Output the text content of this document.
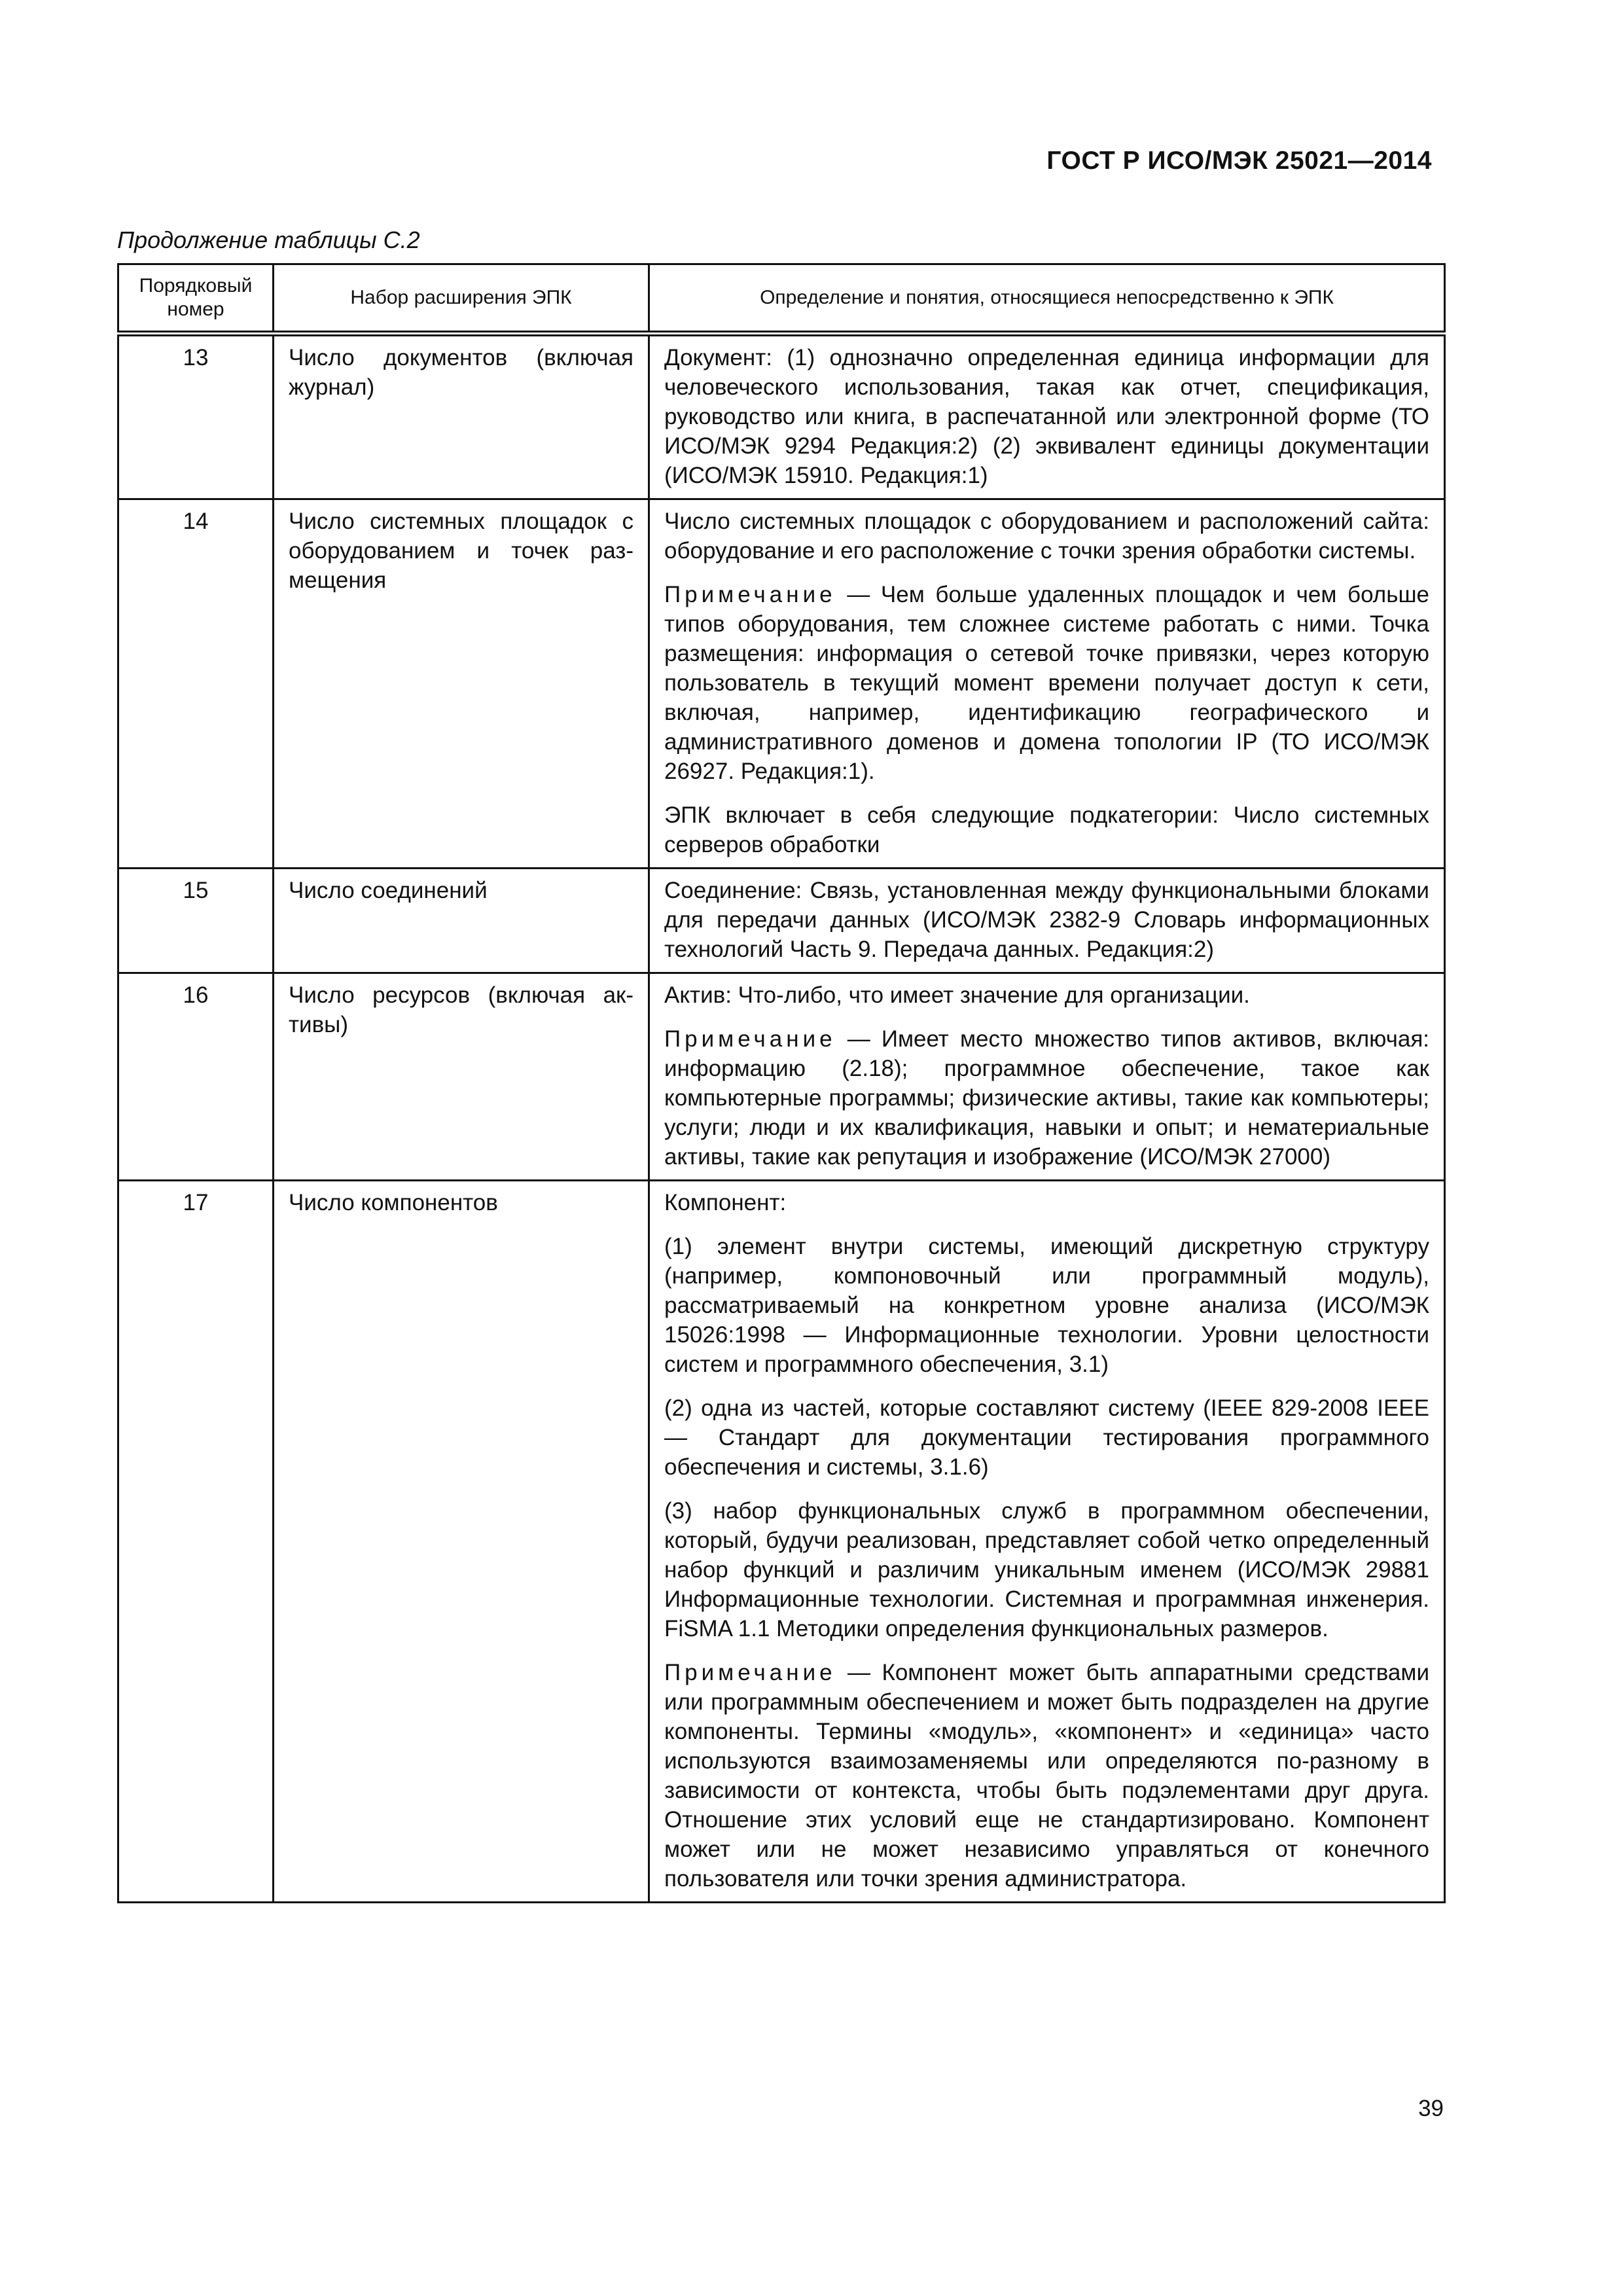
ГОСТ Р ИСО/МЭК 25021—2014
Продолжение таблицы С.2
Порядковый номер	Набор расширения ЭПК	Определение и понятия, относящиеся непосредственно к ЭПК
13	Число документов (включая журнал)	Документ: (1) однозначно определенная единица информации для человеческого использования, такая как отчет, спецификация, руководство или книга, в распечатанной или электронной форме (ТО ИСО/МЭК 9294 Редакция:2) (2) эквивалент единицы документации (ИСО/МЭК 15910. Редакция:1)

14	Число системных площадок с оборудованием и точек размещения	Число системных площадок с оборудованием и расположений сайта: оборудование и его расположение с точки зрения обработки системы.

Примечание — Чем больше удаленных площадок и чем больше типов оборудования, тем сложнее системе работать с ними. Точка размещения: информация о сетевой точке привязки, через которую пользователь в текущий момент времени получает доступ к сети, включая, например, идентификацию географического и административного доменов и домена топологии IP (ТО ИСО/МЭК 26927. Редакция:1).

ЭПК включает в себя следующие подкатегории: Число системных серверов обработки

15	Число соединений	Соединение: Связь, установленная между функциональными блоками для передачи данных (ИСО/МЭК 2382-9 Словарь информационных технологий Часть 9. Передача данных. Редакция:2)

16	Число ресурсов (включая активы)	Актив: Что-либо, что имеет значение для организации.

Примечание — Имеет место множество типов активов, включая: информацию (2.18); программное обеспечение, такое как компьютерные программы; физические активы, такие как компьютеры; услуги; люди и их квалификация, навыки и опыт; и нематериальные активы, такие как репутация и изображение (ИСО/МЭК 27000)

17	Число компонентов	Компонент:

(1) элемент внутри системы, имеющий дискретную структуру (например, компоновочный или программный модуль), рассматриваемый на конкретном уровне анализа (ИСО/МЭК 15026:1998 — Информационные технологии. Уровни целостности систем и программного обеспечения, 3.1)

(2) одна из частей, которые составляют систему (IEEE 829-2008 IEEE — Стандарт для документации тестирования программного обеспечения и системы, 3.1.6)

(3) набор функциональных служб в программном обеспечении, который, будучи реализован, представляет собой четко определенный набор функций и различим уникальным именем (ИСО/МЭК 29881 Информационные технологии. Системная и программная инженерия. FiSMA 1.1 Методики определения функциональных размеров.

Примечание — Компонент может быть аппаратными средствами или программным обеспечением и может быть подразделен на другие компоненты. Термины «модуль», «компонент» и «единица» часто используются взаимозаменяемы или определяются по-разному в зависимости от контекста, чтобы быть подэлементами друг друга. Отношение этих условий еще не стандартизировано. Компонент может или не может независимо управляться от конечного пользователя или точки зрения администратора.

39
